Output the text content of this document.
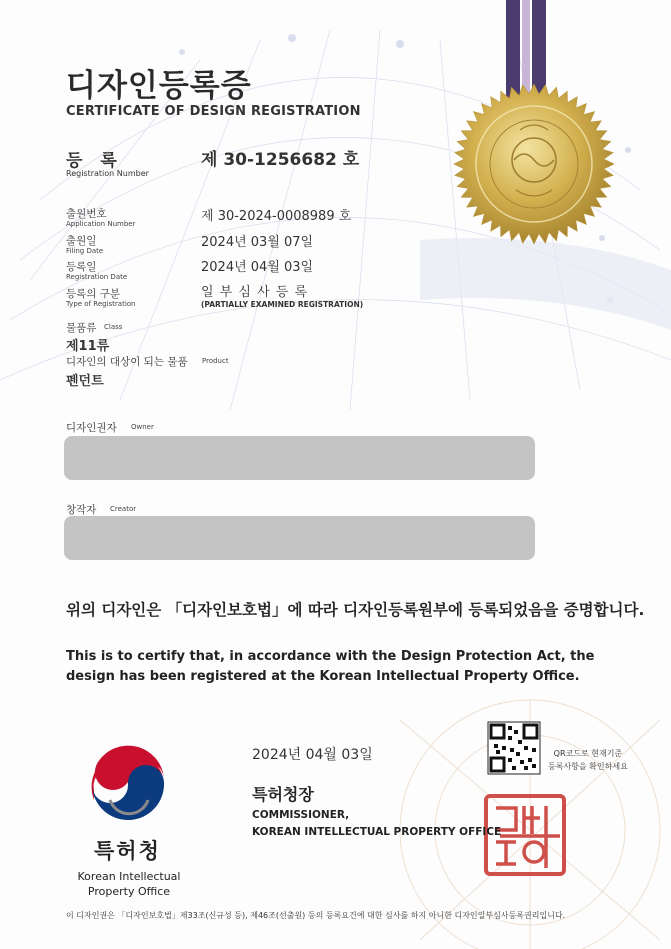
디자인등록증
CERTIFICATE OF DESIGN REGISTRATION
등 록
Registration Number
제 30-1256682 호
출원번호
Application Number	제 30-2024-0008989 호
출원일
Filing Date
2024년 03월 07일
등록일
Registration Date
2024년 04월 03일
등록의 구분
Type of Registration
일 부 심 사 등 록
(PARTIALLY EXAMINED REGISTRATION)
물품류 Class
제11류
디자인의 대상이 되는 물품 Product
펜던트
디자인권자 Owner
창작자 Creator
위의 디자인은 「디자인보호법」에 따라 디자인등록원부에 등록되었음을 증명합니다.
This is to certify that, in accordance with the Design Protection Act, the design has been registered at the Korean Intellectual Property Office.
2024년 04월 03일
특허청장
COMMISSIONER,
KOREAN INTELLECTUAL PROPERTY OFFICE
특허청
Korean Intellectual Property Office
QR코드로 현재기준
등록사항을 확인하세요
이 디자인권은 「디자인보호법」제33조(신규성 등), 제46조(선출원) 등의 등록요건에 대한 심사를 하지 아니한 디자인일부심사등록권리입니다.
